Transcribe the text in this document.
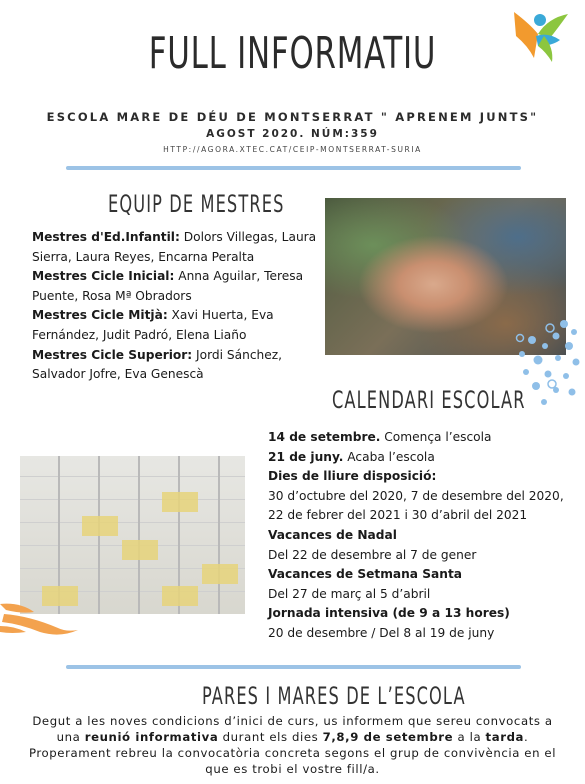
FULL INFORMATIU
ESCOLA MARE DE DÉU DE MONTSERRAT " APRENEM JUNTS"
AGOST 2020. NÚM:359
HTTP://AGORA.XTEC.CAT/CEIP-MONTSERRAT-SURIA
EQUIP DE MESTRES
Mestres d'Ed.Infantil: Dolors Villegas, Laura
Sierra, Laura Reyes, Encarna Peralta
Mestres Cicle Inicial: Anna Aguilar, Teresa
Puente, Rosa Mª Obradors
Mestres Cicle Mitjà: Xavi Huerta, Eva
Fernández, Judit Padró, Elena Liaño
Mestres Cicle Superior: Jordi Sánchez,
Salvador Jofre, Eva Genescà
CALENDARI ESCOLAR
14 de setembre. Comença l’escola
21 de juny. Acaba l’escola
Dies de lliure disposició:
30 d’octubre del 2020, 7 de desembre del 2020,
22 de febrer del 2021 i 30 d’abril del 2021
Vacances de Nadal
Del 22 de desembre al 7 de gener
Vacances de Setmana Santa
Del 27 de març al 5 d’abril
Jornada intensiva (de 9 a 13 hores)
20 de desembre / Del 8 al 19 de juny
PARES I MARES DE L’ESCOLA
Degut a les noves condicions d’inici de curs, us informem que sereu convocats a
una reunió informativa durant els dies 7,8,9 de setembre a la tarda.
Properament rebreu la convocatòria concreta segons el grup de convivència en el
que es trobi el vostre fill/a.
